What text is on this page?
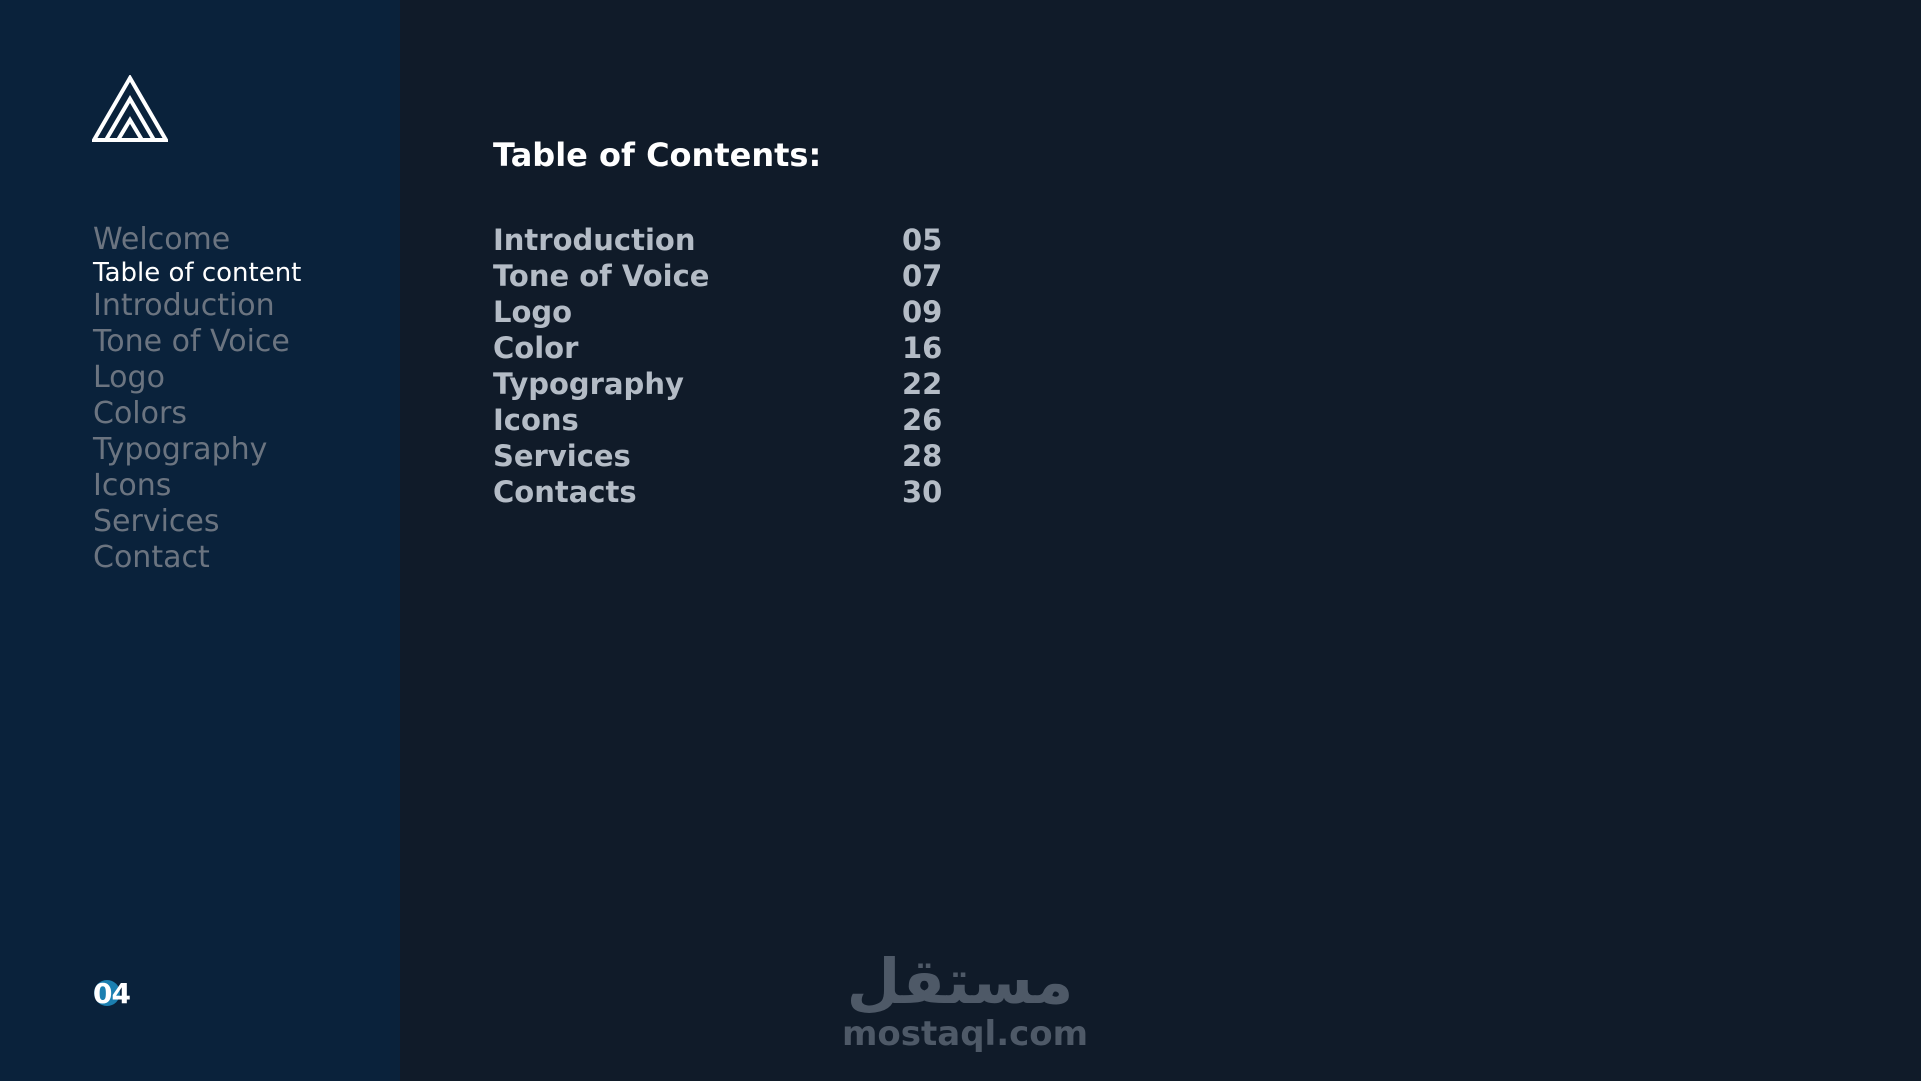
Welcome
Table of content
Introduction
Tone of Voice
Logo
Colors
Typography
Icons
Services
Contact
04
Table of Contents:
Introduction	05
Tone of Voice	07
Logo	09
Color	16
Typography	22
Icons	26
Services	28
Contacts	30
مستقل
mostaql.com
